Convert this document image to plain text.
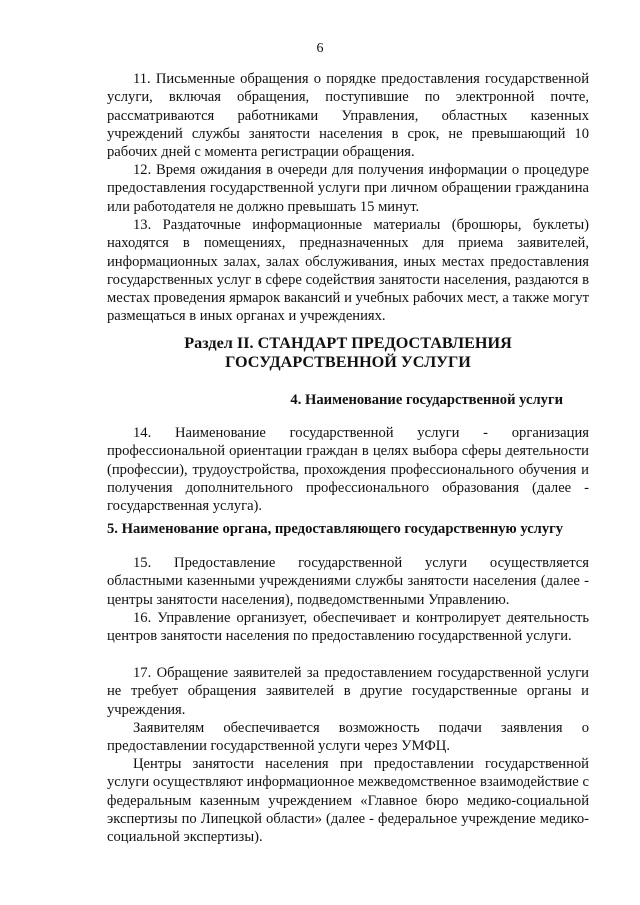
6

11. Письменные обращения о порядке предоставления государственной услуги, включая обращения, поступившие по электронной почте, рассматриваются работниками Управления, областных казенных учреждений службы занятости населения в срок, не превышающий 10 рабочих дней с момента регистрации обращения.

12. Время ожидания в очереди для получения информации о процедуре предоставления государственной услуги при личном обращении гражданина или работодателя не должно превышать 15 минут.

13. Раздаточные информационные материалы (брошюры, буклеты) находятся в помещениях, предназначенных для приема заявителей, информационных залах, залах обслуживания, иных местах предоставления государственных услуг в сфере содействия занятости населения, раздаются в местах проведения ярмарок вакансий и учебных рабочих мест, а также могут размещаться в иных органах и учреждениях.

Раздел II. СТАНДАРТ ПРЕДОСТАВЛЕНИЯ ГОСУДАРСТВЕННОЙ УСЛУГИ
4. Наименование государственной услуги

14. Наименование государственной услуги - организация профессиональной ориентации граждан в целях выбора сферы деятельности (профессии), трудоустройства, прохождения профессионального обучения и получения дополнительного профессионального образования (далее - государственная услуга).

5. Наименование органа, предоставляющего государственную услугу

15. Предоставление государственной услуги осуществляется областными казенными учреждениями службы занятости населения (далее - центры занятости населения), подведомственными Управлению.

16. Управление организует, обеспечивает и контролирует деятельность центров занятости населения по предоставлению государственной услуги.

17. Обращение заявителей за предоставлением государственной услуги не требует обращения заявителей в другие государственные органы и учреждения.

Заявителям обеспечивается возможность подачи заявления о предоставлении государственной услуги через УМФЦ.

Центры занятости населения при предоставлении государственной услуги осуществляют информационное межведомственное взаимодействие с федеральным казенным учреждением «Главное бюро медико-социальной экспертизы по Липецкой области» (далее - федеральное учреждение медико-социальной экспертизы).
